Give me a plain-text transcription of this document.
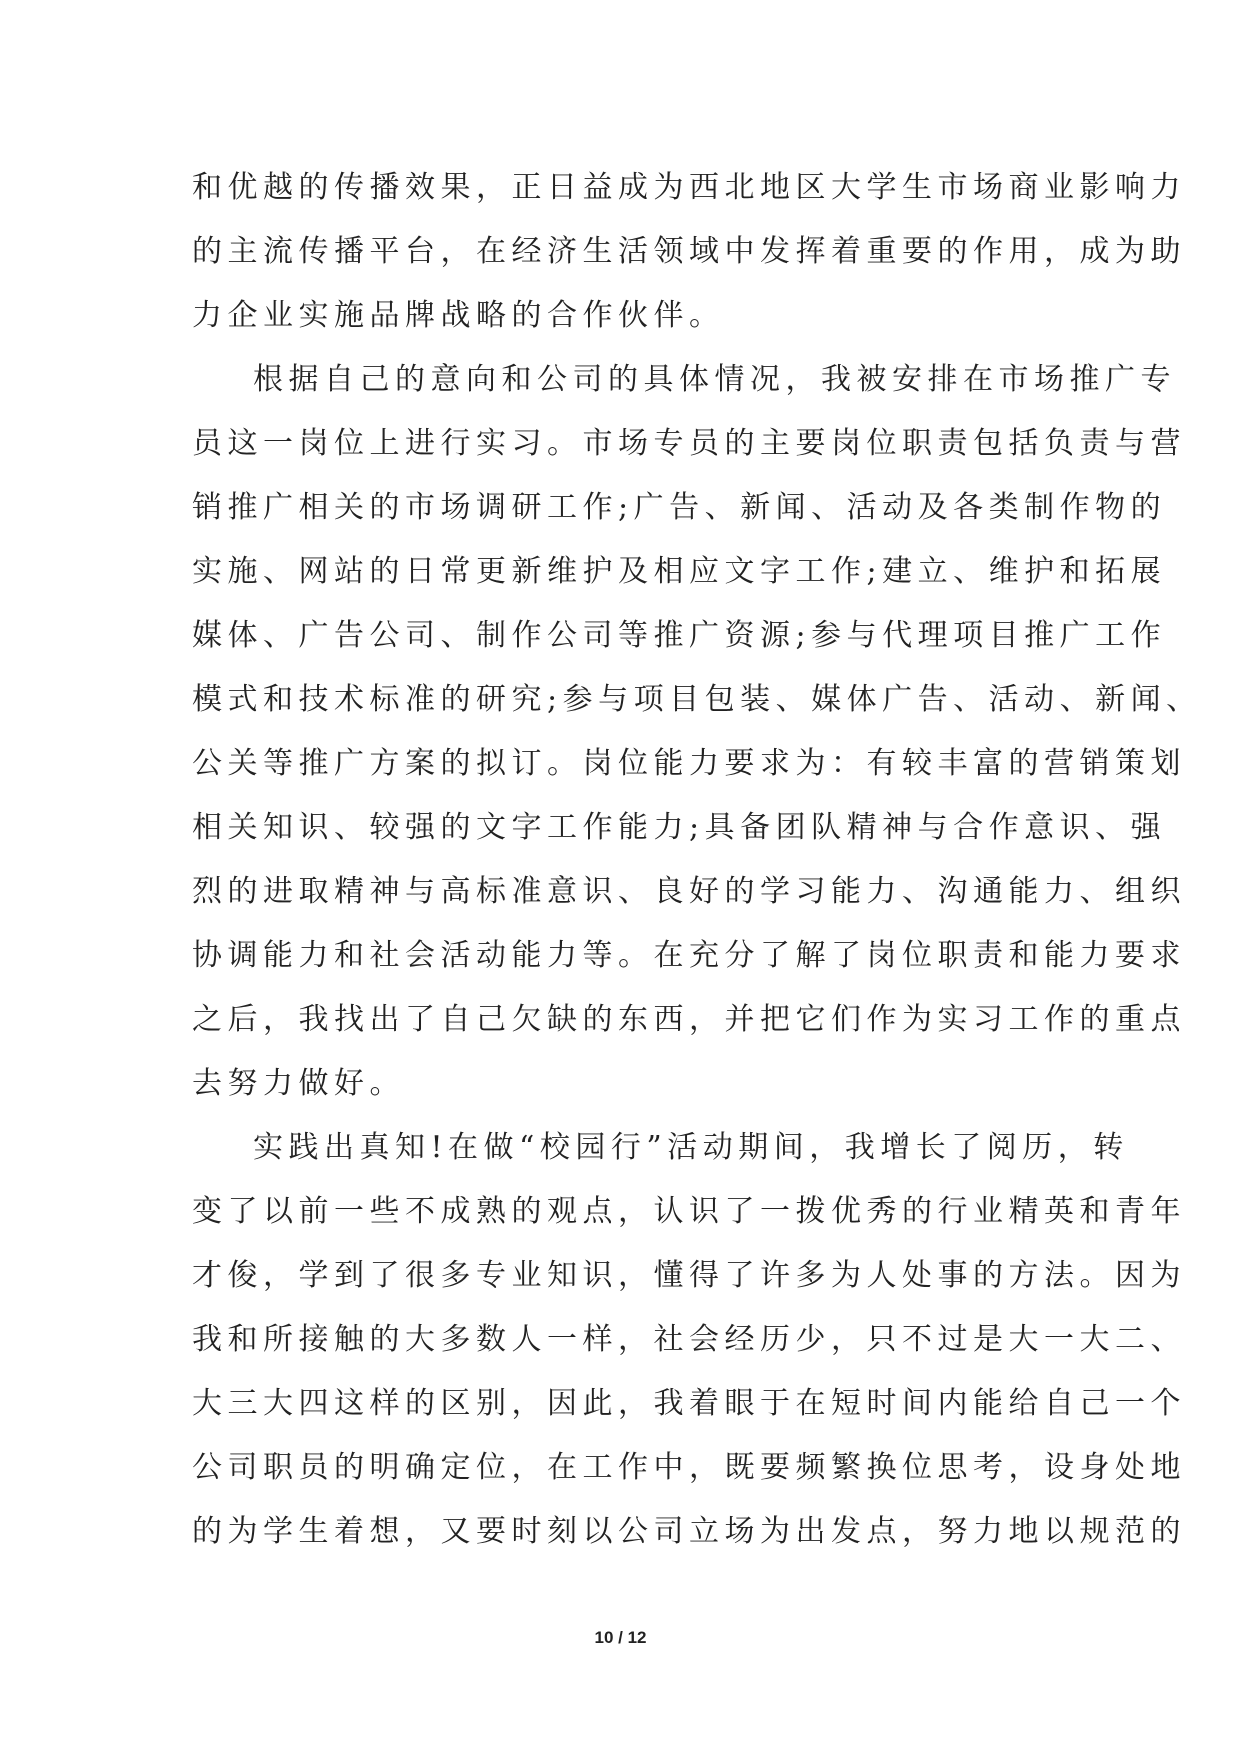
和优越的传播效果，正日益成为西北地区大学生市场商业影响力
的主流传播平台，在经济生活领域中发挥着重要的作用，成为助
力企业实施品牌战略的合作伙伴。
根据自己的意向和公司的具体情况，我被安排在市场推广专
员这一岗位上进行实习。市场专员的主要岗位职责包括负责与营
销推广相关的市场调研工作;广告、新闻、活动及各类制作物的
实施、网站的日常更新维护及相应文字工作;建立、维护和拓展
媒体、广告公司、制作公司等推广资源;参与代理项目推广工作
模式和技术标准的研究;参与项目包装、媒体广告、活动、新闻、
公关等推广方案的拟订。岗位能力要求为：有较丰富的营销策划
相关知识、较强的文字工作能力;具备团队精神与合作意识、强
烈的进取精神与高标准意识、良好的学习能力、沟通能力、组织
协调能力和社会活动能力等。在充分了解了岗位职责和能力要求
之后，我找出了自己欠缺的东西，并把它们作为实习工作的重点
去努力做好。
实践出真知!在做“校园行”活动期间，我增长了阅历，转
变了以前一些不成熟的观点，认识了一拨优秀的行业精英和青年
才俊，学到了很多专业知识，懂得了许多为人处事的方法。因为
我和所接触的大多数人一样，社会经历少，只不过是大一大二、
大三大四这样的区别，因此，我着眼于在短时间内能给自己一个
公司职员的明确定位，在工作中，既要频繁换位思考，设身处地
的为学生着想，又要时刻以公司立场为出发点，努力地以规范的
10 / 12
